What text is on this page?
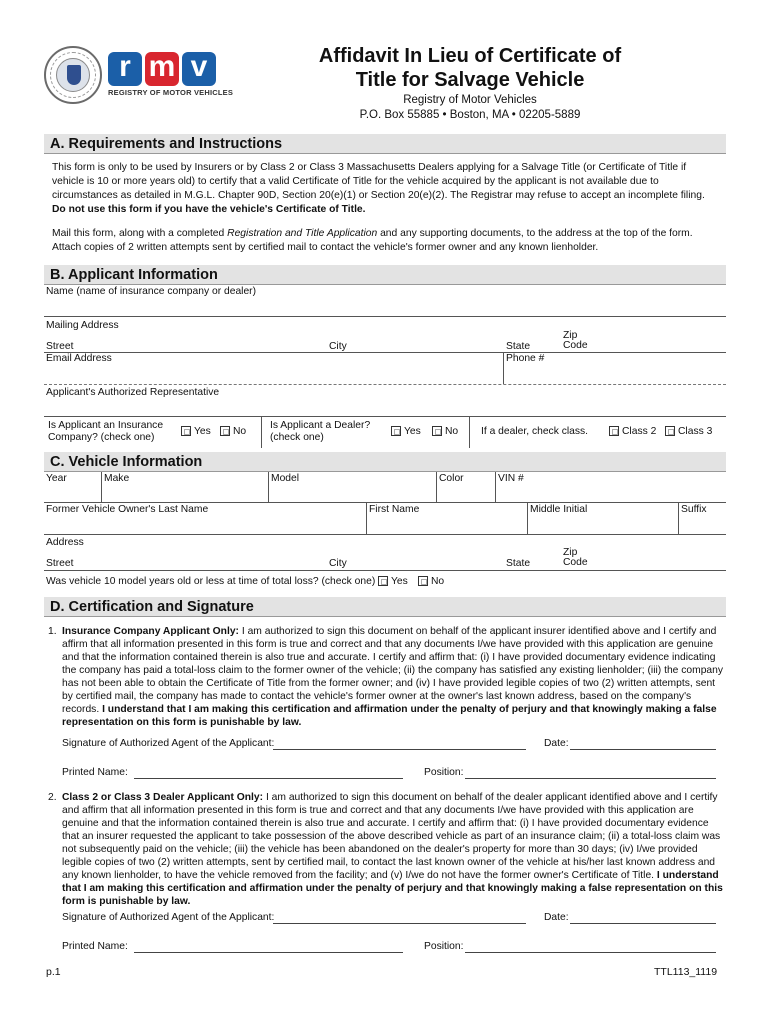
r m v
REGISTRY OF MOTOR VEHICLES
Affidavit In Lieu of Certificate of
Title for Salvage Vehicle
Registry of Motor Vehicles
P.O. Box 55885 • Boston, MA • 02205-5889
A. Requirements and Instructions
This form is only to be used by Insurers or by Class 2 or Class 3 Massachusetts Dealers applying for a Salvage Title (or Certificate of Title if vehicle is 10 or more years old) to certify that a valid Certificate of Title for the vehicle acquired by the applicant is not available due to circumstances as detailed in M.G.L. Chapter 90D, Section 20(e)(1) or Section 20(e)(2). The Registrar may refuse to accept an incomplete filing. Do not use this form if you have the vehicle's Certificate of Title.
Mail this form, along with a completed Registration and Title Application and any supporting documents, to the address at the top of the form. Attach copies of 2 written attempts sent by certified mail to contact the vehicle's former owner and any known lienholder.
B. Applicant Information
Name (name of insurance company or dealer)
Mailing Address
Street	City	State
Zip
Code
Email Address	Phone #
Applicant's Authorized Representative
Is Applicant an Insurance
Company? (check one)
Yes No
Is Applicant a Dealer?
(check one)
Yes No If a dealer, check class.	Class 2 Class 3
C. Vehicle Information
Year	Make	Model	Color	VIN #
Former Vehicle Owner's Last Name	First Name	Middle Initial	Suffix
Address
Street	City	State
Zip
Code
Was vehicle 10 model years old or less at time of total loss? (check one) Yes No
D. Certification and Signature
1. Insurance Company Applicant Only: I am authorized to sign this document on behalf of the applicant insurer identified above and I certify and affirm that all information presented in this form is true and correct and that any documents I/we have provided with this application are genuine and that the information contained therein is also true and accurate. I certify and affirm that: (i) I have provided documentary evidence indicating the company has paid a total-loss claim to the former owner of the vehicle; (ii) the company has satisfied any existing lienholder; (iii) the company has not been able to obtain the Certificate of Title from the former owner; and (iv) I have provided legible copies of two (2) written attempts, sent by certified mail, the company has made to contact the vehicle's former owner at the owner's last known address, based on the company's records. I understand that I am making this certification and affirmation under the penalty of perjury and that knowingly making a false representation on this form is punishable by law.
Signature of Authorized Agent of the Applicant:	Date:
Printed Name:	Position:
2. Class 2 or Class 3 Dealer Applicant Only: I am authorized to sign this document on behalf of the dealer applicant identified above and I certify and affirm that all information presented in this form is true and correct and that any documents I/we have provided with this application are genuine and that the information contained therein is also true and accurate. I certify and affirm that: (i) I have provided documentary evidence that an insurer requested the applicant to take possession of the above described vehicle as part of an insurance claim; (ii) a total-loss claim was not subsequently paid on the vehicle; (iii) the vehicle has been abandoned on the dealer's property for more than 30 days; (iv) I/we provided legible copies of two (2) written attempts, sent by certified mail, to contact the last known owner of the vehicle at his/her last known address and any known lienholder, to have the vehicle removed from the facility; and (v) I/we do not have the former owner's Certificate of Title. I understand that I am making this certification and affirmation under the penalty of perjury and that knowingly making a false representation on this form is punishable by law.
Signature of Authorized Agent of the Applicant:	Date:
Printed Name:	Position:
p.1	TTL113_1119
